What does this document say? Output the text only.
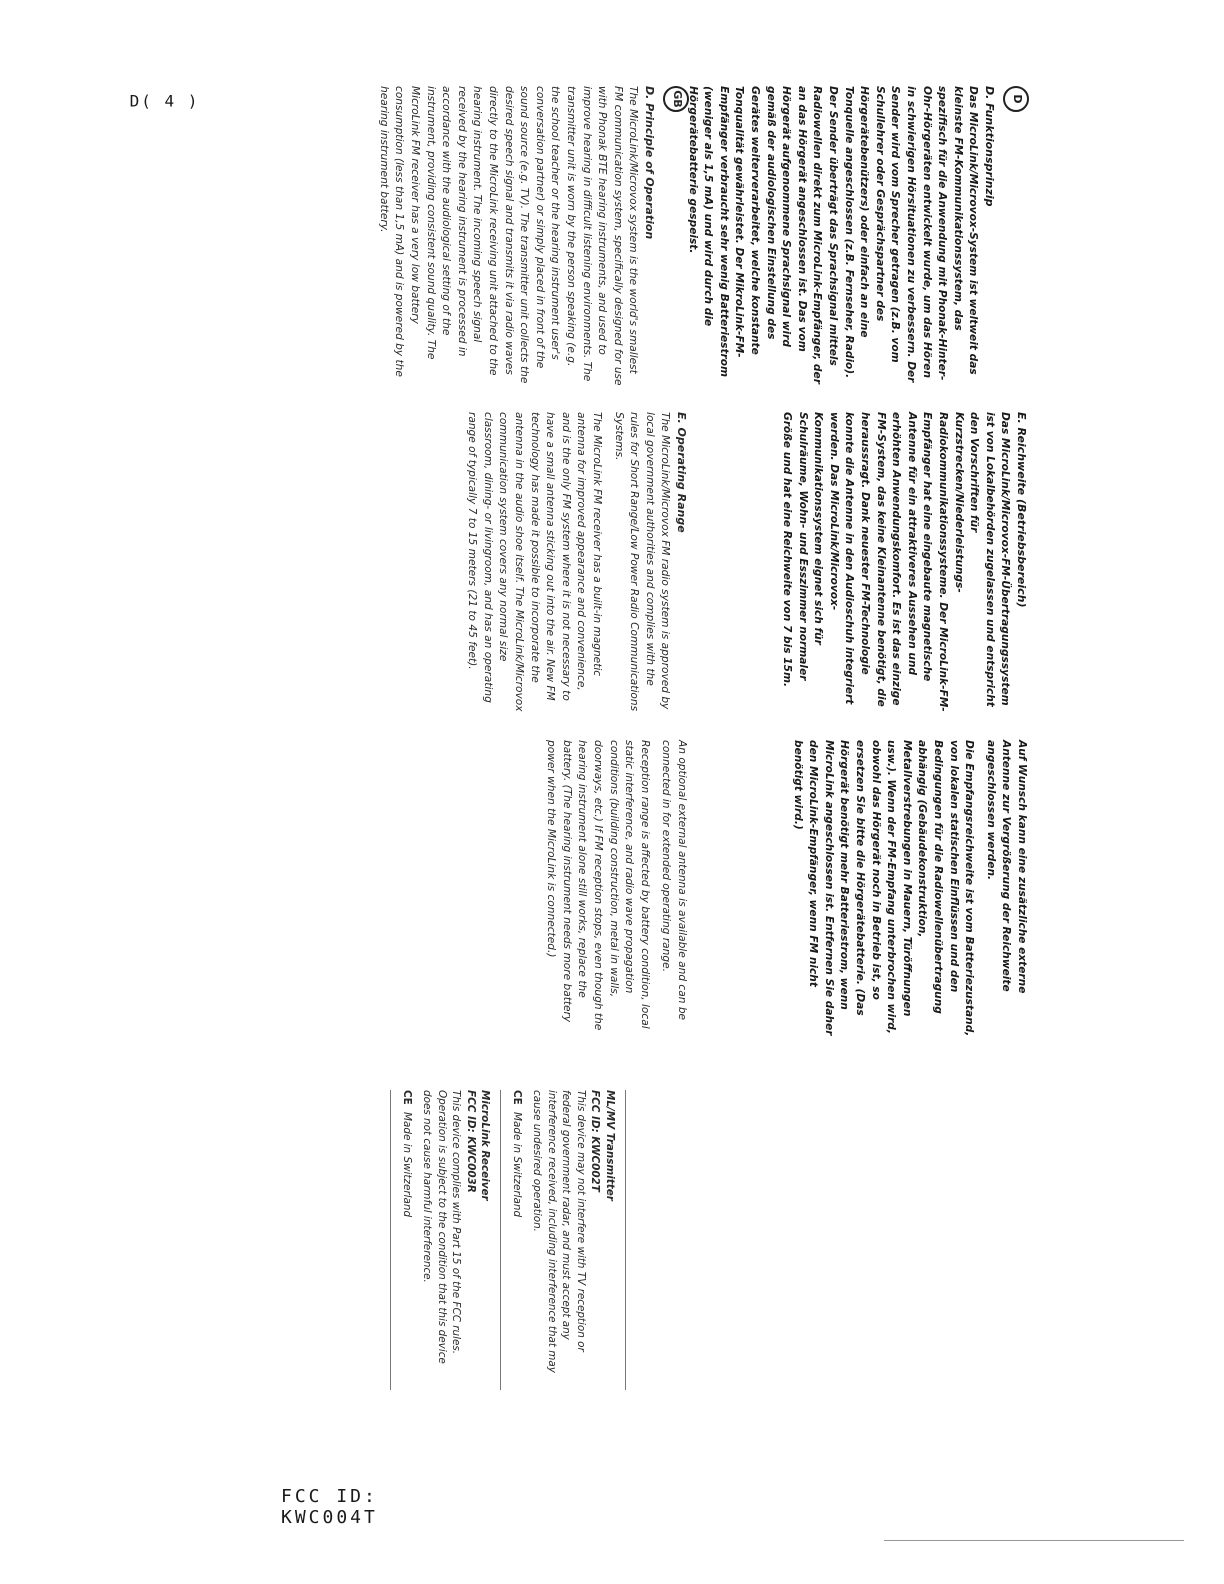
D
D. Funktionsprinzip

Das MicroLink/Microvox-System ist weltweit das kleinste FM-Kommunikationssystem, das spezifisch für die Anwendung mit Phonak-Hinter-Ohr-Hörgeräten entwickelt wurde, um das Hören in schwierigen Hörsituationen zu verbessern. Der Sender wird vom Sprecher getragen (z.B. vom Schullehrer oder Gesprächspartner des Hörgerätebenützers) oder einfach an eine Tonquelle angeschlossen (z.B. Fernseher, Radio). Der Sender überträgt das Sprachsignal mittels Radiowellen direkt zum MicroLink-Empfänger, der an das Hörgerät angeschlossen ist. Das vom Hörgerät aufgenommene Sprachsignal wird gemäß der audiologischen Einstellung des Gerätes weiterverarbeitet, welche konstante Tonqualität gewährleistet. Der MikroLink-FM-Empfänger verbraucht sehr wenig Batteriestrom (weniger als 1,5 mA) und wird durch die Hörgerätebatterie gespeist.

GB
D. Principle of Operation

The MicroLink/Microvox system is the world's smallest FM communication system, specifically designed for use with Phonak BTE hearing instruments, and used to improve hearing in difficult listening environments. The transmitter unit is worn by the person speaking (e.g. the school teacher or the hearing instrument user's conversation partner) or simply placed in front of the sound source (e.g. TV). The transmitter unit collects the desired speech signal and transmits it via radio waves directly to the MicroLink receiving unit attached to the hearing instrument. The incoming speech signal received by the hearing instrument is processed in accordance with the audiological setting of the instrument, providing consistent sound quality. The MicroLink FM receiver has a very low battery consumption (less than 1,5 mA) and is powered by the hearing instrument battery.

E. Reichweite (Betriebsbereich)

Das MicroLink/Microvox-FM-Übertragungssystem ist von Lokalbehörden zugelassen und entspricht den Vorschriften für Kurzstrecken/Niederleistungs-Radiokommunikationssysteme. Der MicroLink-FM-Empfänger hat eine eingebaute magnetische Antenne für ein attraktiveres Aussehen und erhöhten Anwendungskomfort. Es ist das einzige FM-System, das keine Kleinantenne benötigt, die heraussragt. Dank neuester FM-Technologie konnte die Antenne in den Audioschuh integriert werden. Das MicroLink/Microvox-Kommunikationssystem eignet sich für Schulräume, Wohn- und Esszimmer normaler Größe und hat eine Reichweite von 7 bis 15m.

E. Operating Range

The MicroLink/Microvox FM radio system is approved by local government authorities and complies with the rules for Short Range/Low Power Radio Communications Systems.

The MicroLink FM receiver has a built-in magnetic antenna for improved appearance and convenience, and is the only FM system where it is not necessary to have a small antenna sticking out into the air. New FM technology has made it possible to incorporate the antenna in the audio shoe itself. The MicroLink/Microvox communication system covers any normal size classroom, dining- or livingroom, and has an operating range of typically 7 to 15 meters (21 to 45 feet).

Auf Wunsch kann eine zusätzliche externe Antenne zur Vergrößerung der Reichweite angeschlossen werden.

Die Empfangsreichweite ist vom Batteriezustand, von lokalen statischen Einflüssen und den Bedingungen für die Radiowellenübertragung abhängig (Gebäudekonstruktion, Metallverstrebungen in Mauern, Türöffnungen usw.). Wenn der FM-Empfang unterbrochen wird, obwohl das Hörgerät noch in Betrieb ist, so ersetzen Sie bitte die Hörgerätebatterie. (Das Hörgerät benötigt mehr Batteriestrom, wenn MicroLink angeschlossen ist. Entfernen Sie daher den MicroLink-Empfänger, wenn FM nicht benötigt wird.)

An optional external antenna is available and can be connected in for extended operating range.

Reception range is affected by battery condition, local static interference, and radio wave propagation conditions (building construction, metal in walls, doorways, etc.) If FM reception stops, even though the hearing instrument alone still works, replace the battery. (The hearing instrument needs more battery power when the MicroLink is connected.)

ML/MV Transmitter
FCC ID: KWC002T
This device may not interfere with TV reception or federal government radar, and must accept any interference received, including interference that may cause undesired operation.
CE Made in Switzerland
MicroLink Receiver
FCC ID: KWC003R
This device complies with Part 15 of the FCC rules. Operation is subject to the condition that this device does not cause harmful interference.
CE Made in Switzerland
D( 4 )
FCC ID: KWC004T
